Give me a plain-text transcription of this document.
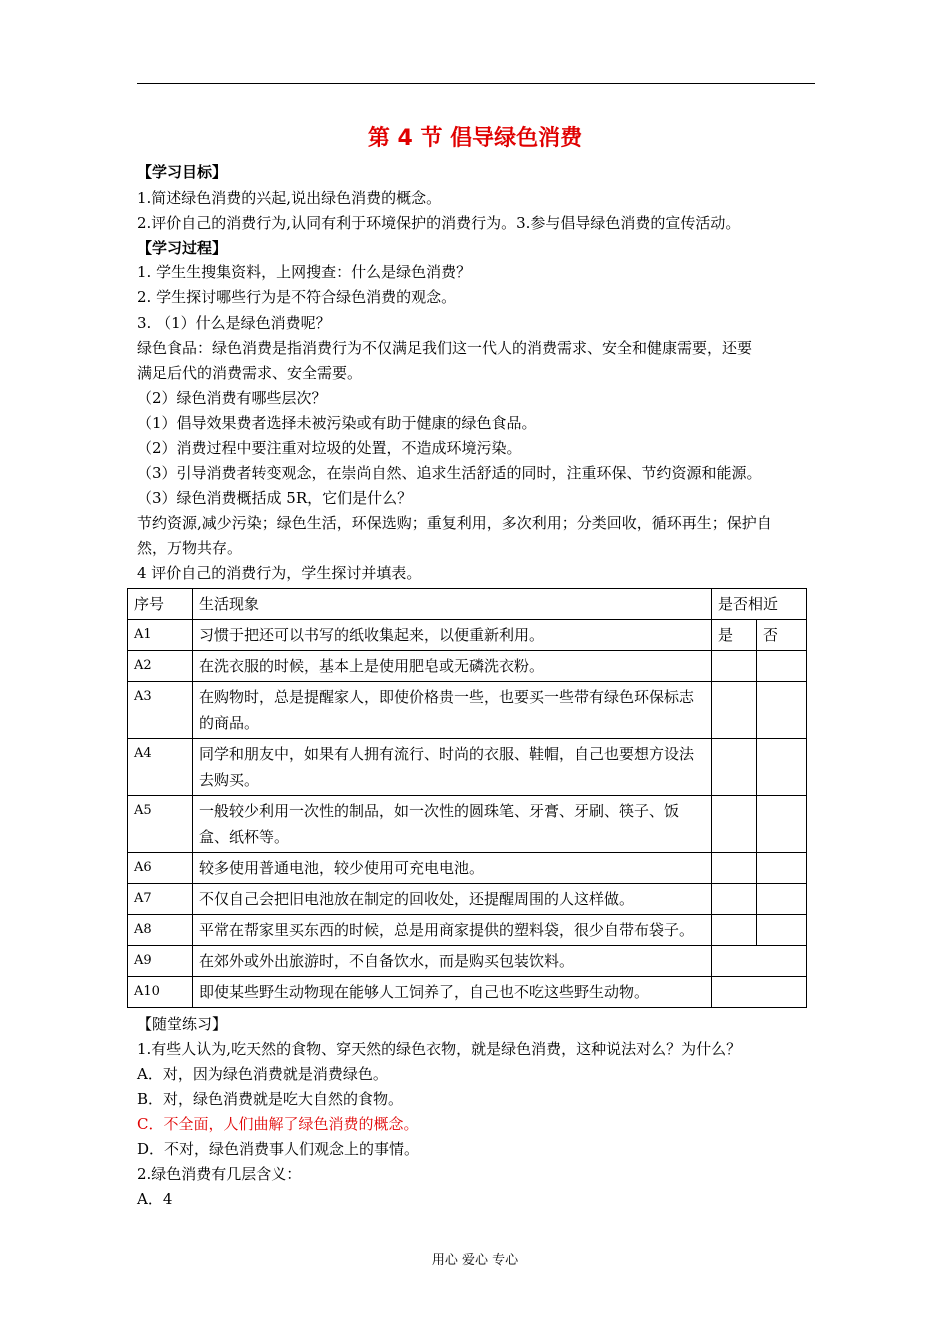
第 4 节 倡导绿色消费
【学习目标】
1.简述绿色消费的兴起,说出绿色消费的概念。
2.评价自己的消费行为,认同有利于环境保护的消费行为。3.参与倡导绿色消费的宣传活动。
【学习过程】
1. 学生生搜集资料，上网搜查：什么是绿色消费？
2. 学生探讨哪些行为是不符合绿色消费的观念。
3. （1）什么是绿色消费呢？
绿色食品：绿色消费是指消费行为不仅满足我们这一代人的消费需求、安全和健康需要，还要
满足后代的消费需求、安全需要。
（2）绿色消费有哪些层次？
（1）倡导效果费者选择未被污染或有助于健康的绿色食品。
（2）消费过程中要注重对垃圾的处置，不造成环境污染。
（3）引导消费者转变观念，在崇尚自然、追求生活舒适的同时，注重环保、节约资源和能源。
（3）绿色消费概括成 5R，它们是什么？
节约资源,减少污染；绿色生活，环保选购；重复利用，多次利用；分类回收，循环再生；保护自
然，万物共存。
4 评价自己的消费行为，学生探讨并填表。
序号	生活现象	是否相近	
A1	习惯于把还可以书写的纸收集起来，以便重新利用。	是	否
A2	在洗衣服的时候，基本上是使用肥皂或无磷洗衣粉。		
A3	在购物时，总是提醒家人，即使价格贵一些，也要买一些带有绿色环保标志的商品。		
A4	同学和朋友中，如果有人拥有流行、时尚的衣服、鞋帽，自己也要想方设法去购买。		
A5	一般较少利用一次性的制品，如一次性的圆珠笔、牙膏、牙刷、筷子、饭盒、纸杯等。		
A6	较多使用普通电池，较少使用可充电电池。		
A7	不仅自己会把旧电池放在制定的回收处，还提醒周围的人这样做。		
A8	平常在帮家里买东西的时候，总是用商家提供的塑料袋，很少自带布袋子。		
A9	在郊外或外出旅游时，不自备饮水，而是购买包装饮料。		
A10	即使某些野生动物现在能够人工饲养了，自己也不吃这些野生动物。		
【随堂练习】
1.有些人认为,吃天然的食物、穿天然的绿色衣物，就是绿色消费，这种说法对么？为什么？
A．对，因为绿色消费就是消费绿色。
B．对，绿色消费就是吃大自然的食物。
C．不全面，人们曲解了绿色消费的概念。
D．不对，绿色消费事人们观念上的事情。
2.绿色消费有几层含义：
A．4
用心 爱心 专心
